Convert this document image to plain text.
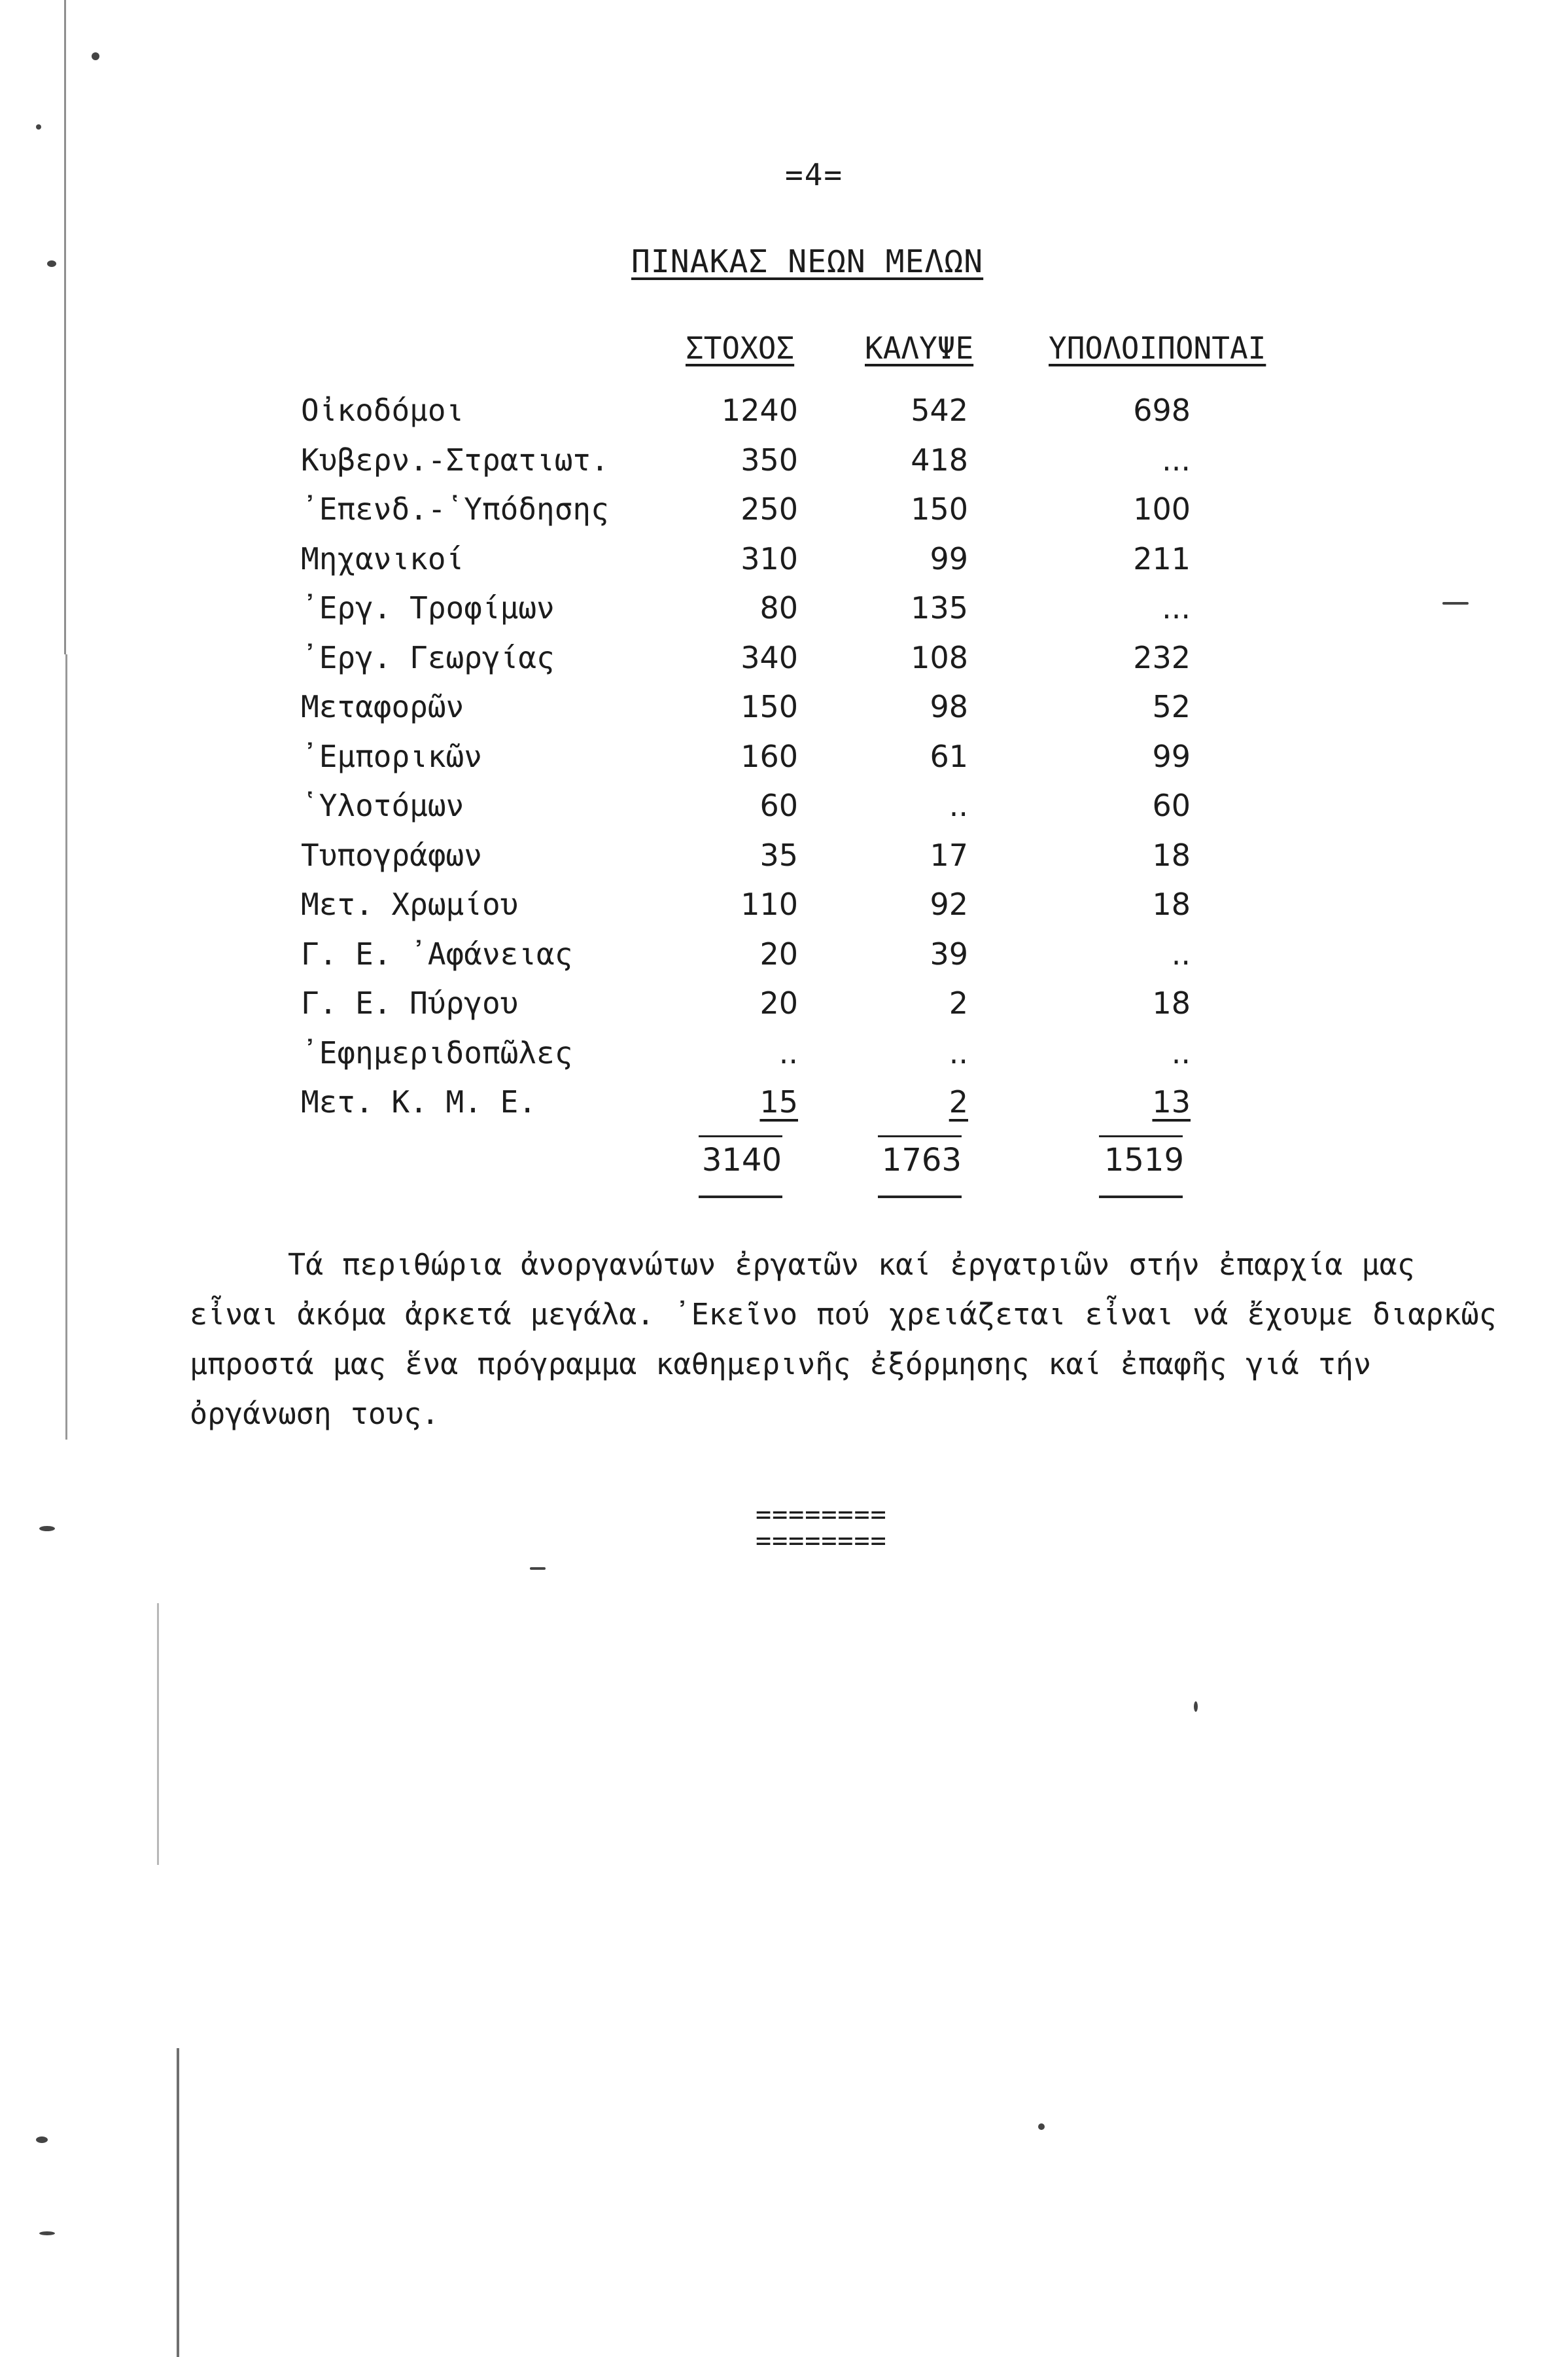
=4=
ΠΙΝΑΚΑΣ ΝΕΩΝ ΜΕΛΩΝ
ΣΤΟΧΟΣ ΚΑΛΥΨΕ ΥΠΟΛΟΙΠΟΝΤΑΙ
Οἰκοδόμοι	1240	542	698
Κυβερν.-Στρατιωτ.	350	418	...
᾽Επενδ.-῾Υπόδησης	250	150	100
Μηχανικοί	310	99	211
᾽Εργ. Τροφίμων	80	135	...
᾽Εργ. Γεωργίας	340	108	232
Μεταφορῶν	150	98	52
᾽Εμπορικῶν	160	61	99
῾Υλοτόμων	60	..	60
Τυπογράφων	35	17	18
Μετ. Χρωμίου	110	92	18
Γ. Ε. ᾽Αφάνειας	20	39	..
Γ. Ε. Πύργου	20	2	18
᾽Εφημεριδοπῶλες	..	..	..
Μετ. Κ. Μ. Ε.	15	2	13
3140	1763	1519
Τά περιθώρια ἀνοργανώτων ἐργατῶν καί ἐργατριῶν στήν ἐπαρχία μας εἶναι ἀκόμα ἀρκετά μεγάλα. ᾽Εκεῖνο πού χρειάζεται εἶναι νά ἔχουμε διαρκῶς μπροστά μας ἕνα πρόγραμμα καθημερινῆς ἐξόρμησης καί ἐπαφῆς γιά τήν ὀργάνωση τους.
========
========
